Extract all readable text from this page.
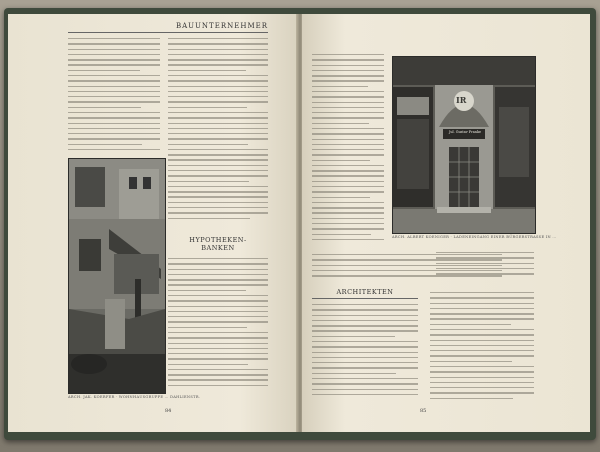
BAUUNTERNEHMER
ARCH. JAK. KOERFER · WOHNHAUSGRUPPE … DAHLIENSTR.
HYPOTHEKEN-
BANKEN
84
IR
Jul. Gustav Franke
ARCH. ALBERT KOENIGER · LADENEINGANG EINER BÜRGERSTRASSE IN …
ARCHITEKTEN
85
